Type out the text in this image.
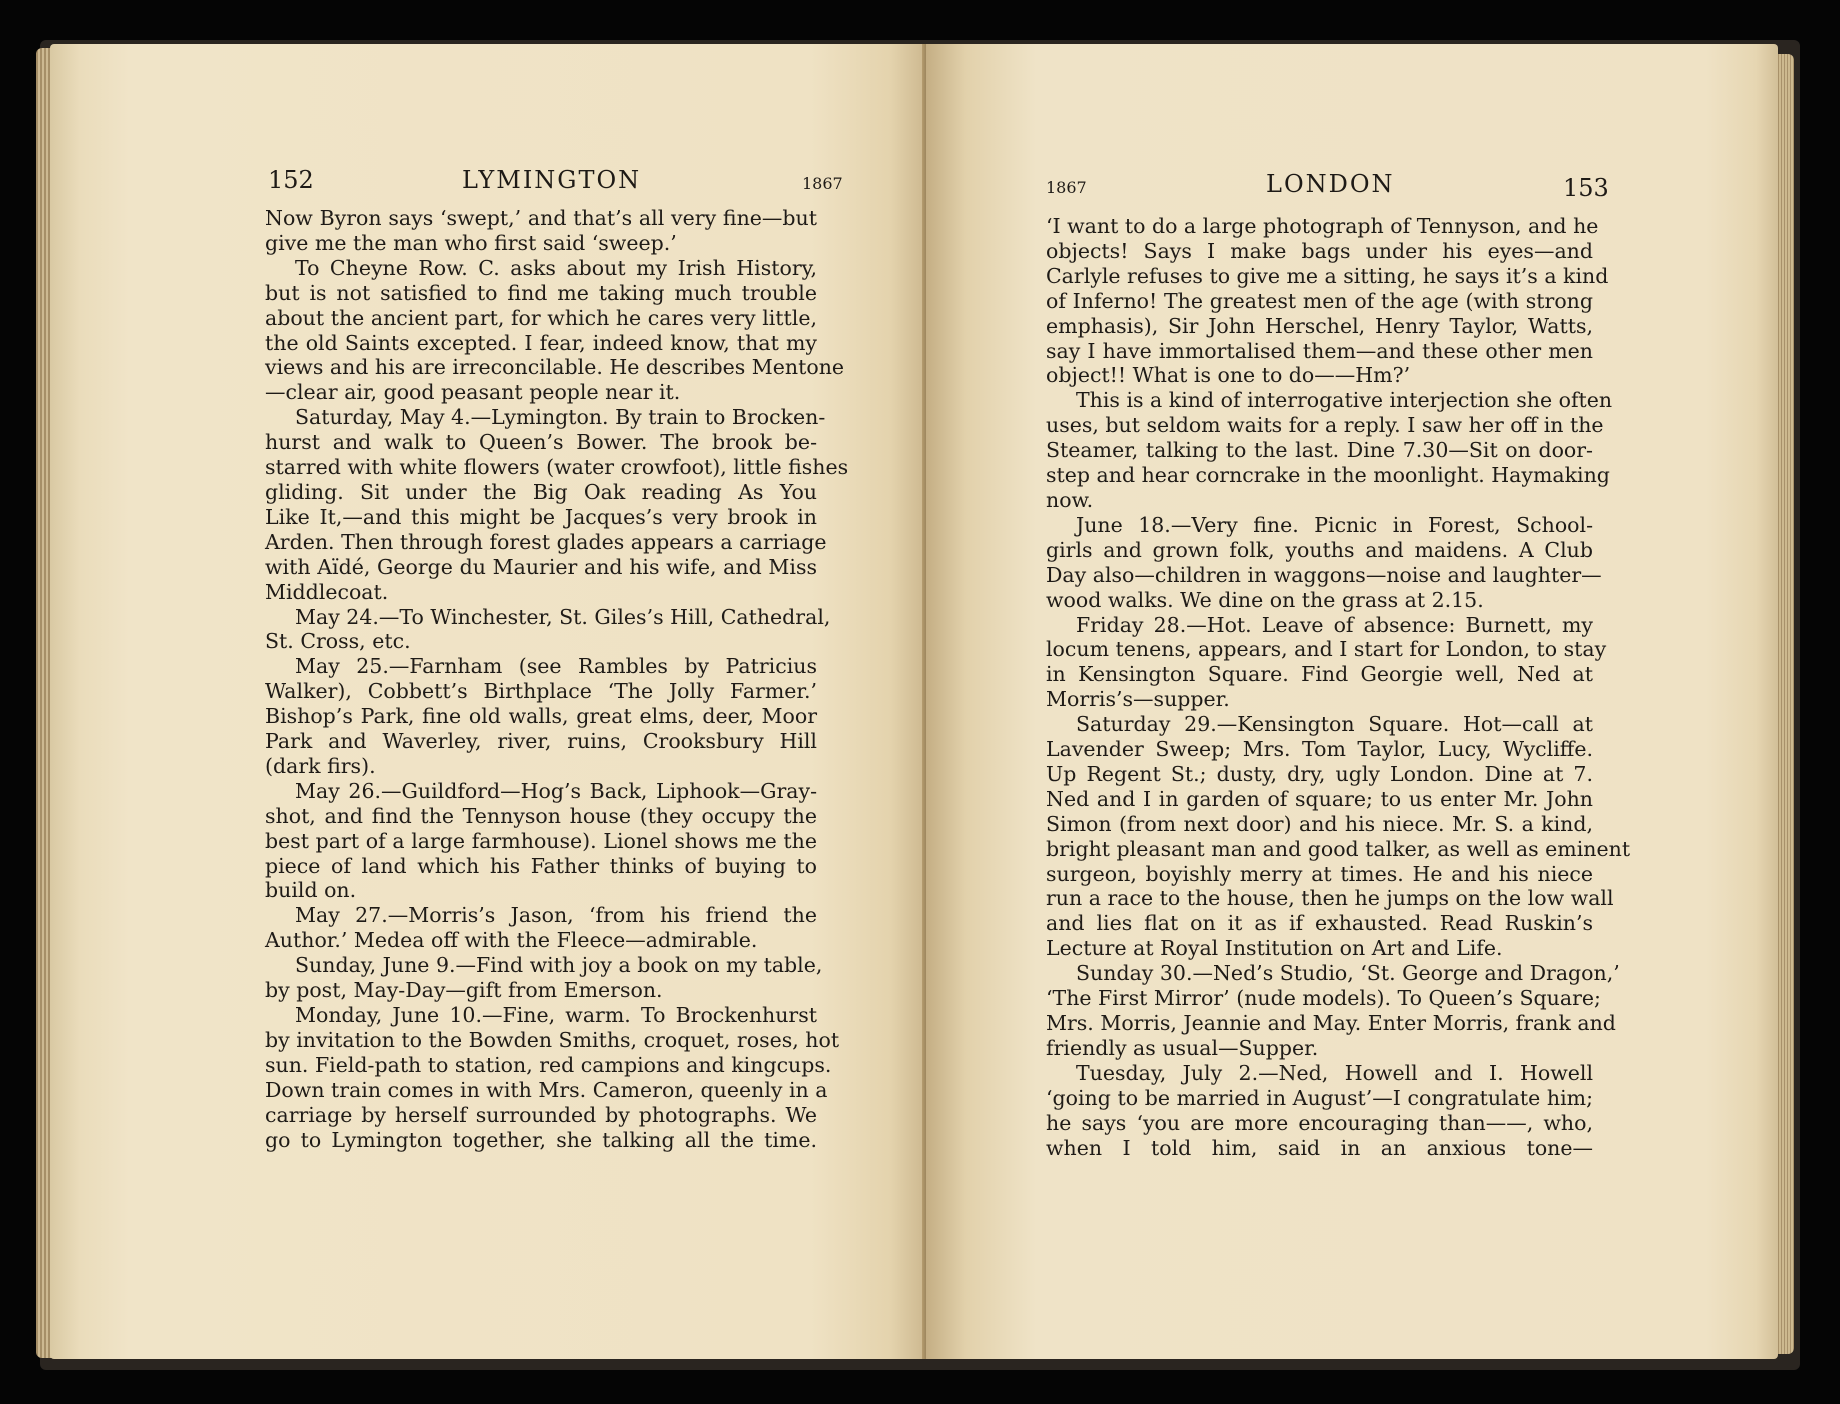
152	LYMINGTON	1867
Now Byron says ‘swept,’ and that’s all very fine—but
give me the man who first said ‘sweep.’
To Cheyne Row. C. asks about my Irish History,
but is not satisfied to find me taking much trouble
about the ancient part, for which he cares very little,
the old Saints excepted. I fear, indeed know, that my
views and his are irreconcilable. He describes Mentone
—clear air, good peasant people near it.
Saturday, May 4.—Lymington. By train to Brocken-
hurst and walk to Queen’s Bower. The brook be-
starred with white flowers (water crowfoot), little fishes
gliding. Sit under the Big Oak reading As You
Like It,—and this might be Jacques’s very brook in
Arden. Then through forest glades appears a carriage
with Aïdé, George du Maurier and his wife, and Miss
Middlecoat.
May 24.—To Winchester, St. Giles’s Hill, Cathedral,
St. Cross, etc.
May 25.—Farnham (see Rambles by Patricius
Walker), Cobbett’s Birthplace ‘The Jolly Farmer.’
Bishop’s Park, fine old walls, great elms, deer, Moor
Park and Waverley, river, ruins, Crooksbury Hill
(dark firs).
May 26.—Guildford—Hog’s Back, Liphook—Gray-
shot, and find the Tennyson house (they occupy the
best part of a large farmhouse). Lionel shows me the
piece of land which his Father thinks of buying to
build on.
May 27.—Morris’s Jason, ‘from his friend the
Author.’ Medea off with the Fleece—admirable.
Sunday, June 9.—Find with joy a book on my table,
by post, May-Day—gift from Emerson.
Monday, June 10.—Fine, warm. To Brockenhurst
by invitation to the Bowden Smiths, croquet, roses, hot
sun. Field-path to station, red campions and kingcups.
Down train comes in with Mrs. Cameron, queenly in a
carriage by herself surrounded by photographs. We
go to Lymington together, she talking all the time.
1867	LONDON	153
‘I want to do a large photograph of Tennyson, and he
objects! Says I make bags under his eyes—and
Carlyle refuses to give me a sitting, he says it’s a kind
of Inferno! The greatest men of the age (with strong
emphasis), Sir John Herschel, Henry Taylor, Watts,
say I have immortalised them—and these other men
object!! What is one to do——Hm?’
This is a kind of interrogative interjection she often
uses, but seldom waits for a reply. I saw her off in the
Steamer, talking to the last. Dine 7.30—Sit on door-
step and hear corncrake in the moonlight. Haymaking
now.
June 18.—Very fine. Picnic in Forest, School-
girls and grown folk, youths and maidens. A Club
Day also—children in waggons—noise and laughter—
wood walks. We dine on the grass at 2.15.
Friday 28.—Hot. Leave of absence: Burnett, my
locum tenens, appears, and I start for London, to stay
in Kensington Square. Find Georgie well, Ned at
Morris’s—supper.
Saturday 29.—Kensington Square. Hot—call at
Lavender Sweep; Mrs. Tom Taylor, Lucy, Wycliffe.
Up Regent St.; dusty, dry, ugly London. Dine at 7.
Ned and I in garden of square; to us enter Mr. John
Simon (from next door) and his niece. Mr. S. a kind,
bright pleasant man and good talker, as well as eminent
surgeon, boyishly merry at times. He and his niece
run a race to the house, then he jumps on the low wall
and lies flat on it as if exhausted. Read Ruskin’s
Lecture at Royal Institution on Art and Life.
Sunday 30.—Ned’s Studio, ‘St. George and Dragon,’
‘The First Mirror’ (nude models). To Queen’s Square;
Mrs. Morris, Jeannie and May. Enter Morris, frank and
friendly as usual—Supper.
Tuesday, July 2.—Ned, Howell and I. Howell
‘going to be married in August’—I congratulate him;
he says ‘you are more encouraging than——, who,
when I told him, said in an anxious tone—
